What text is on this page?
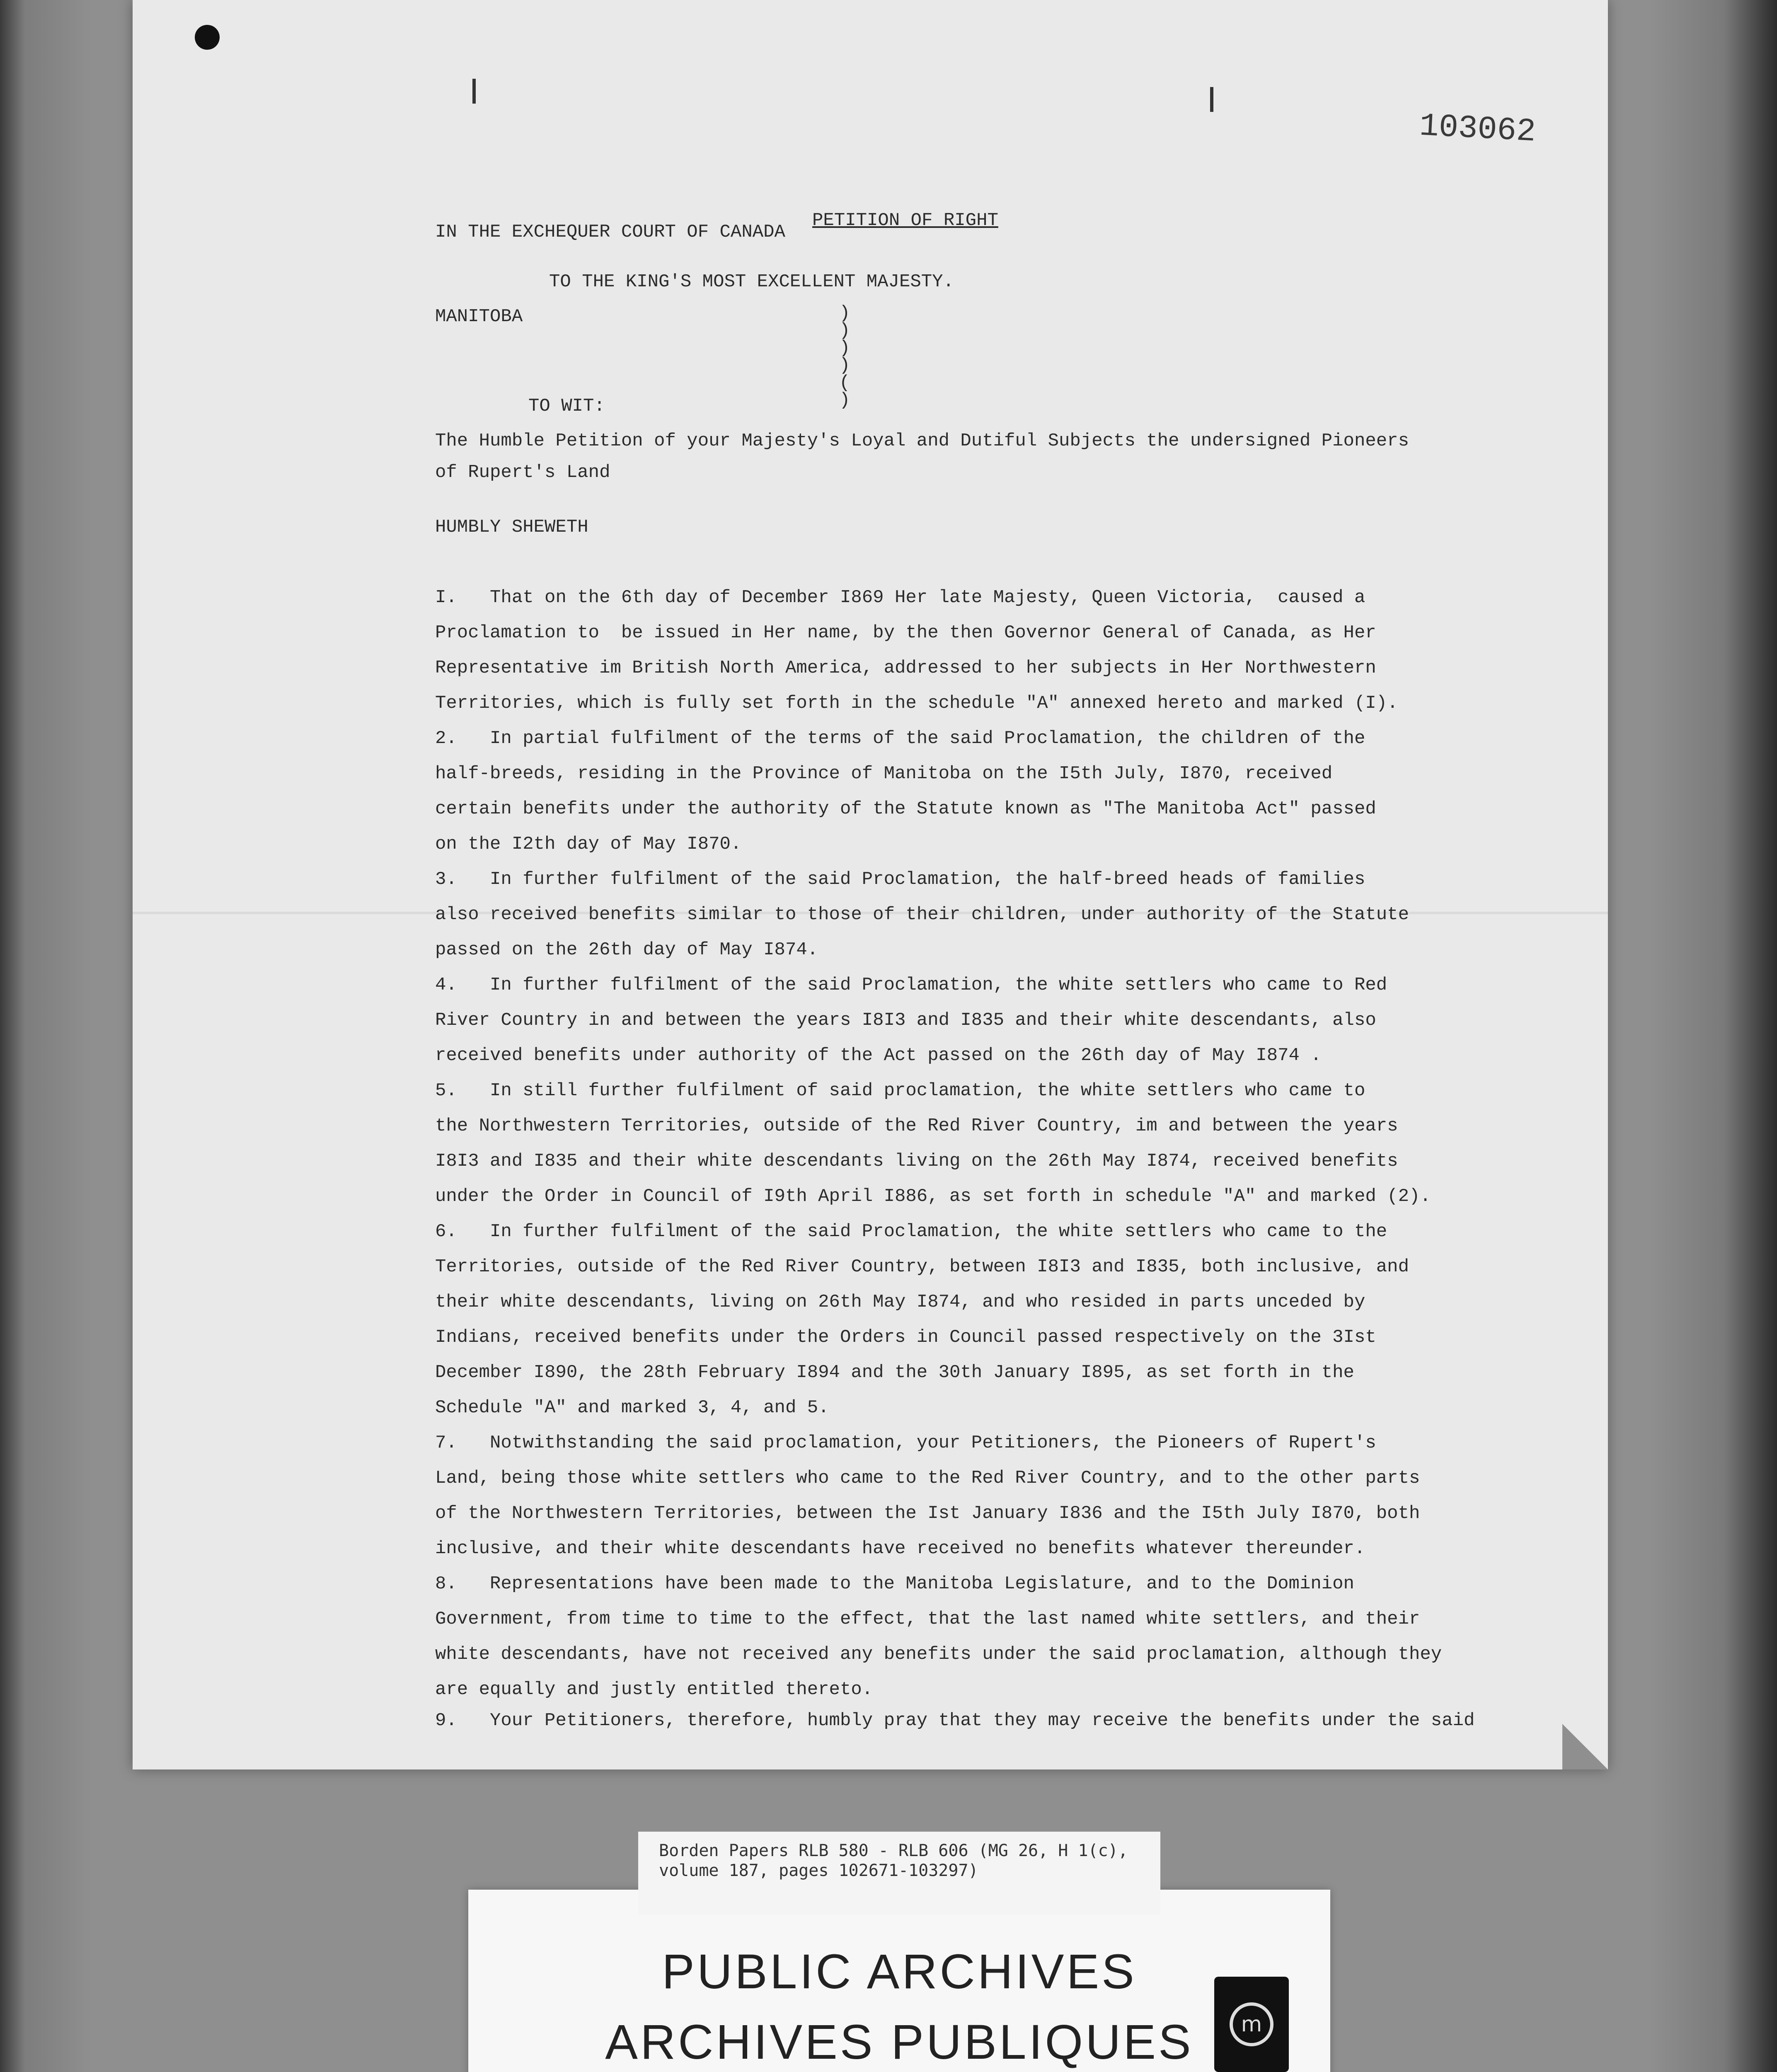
103062
IN THE EXCHEQUER COURT OF CANADA
PETITION OF RIGHT
TO THE KING'S MOST EXCELLENT MAJESTY.
MANITOBA	)
)
)
)
(
)
TO WIT:
The Humble Petition of your Majesty's Loyal and Dutiful Subjects the undersigned Pioneers
of Rupert's Land
HUMBLY SHEWETH
I.   That on the 6th day of December I869 Her late Majesty, Queen Victoria,  caused a
Proclamation to  be issued in Her name, by the then Governor General of Canada, as Her
Representative im British North America, addressed to her subjects in Her Northwestern
Territories, which is fully set forth in the schedule "A" annexed hereto and marked (I).
2.   In partial fulfilment of the terms of the said Proclamation, the children of the
half-breeds, residing in the Province of Manitoba on the I5th July, I870, received
certain benefits under the authority of the Statute known as "The Manitoba Act" passed
on the I2th day of May I870.
3.   In further fulfilment of the said Proclamation, the half-breed heads of families
also received benefits similar to those of their children, under authority of the Statute
passed on the 26th day of May I874.
4.   In further fulfilment of the said Proclamation, the white settlers who came to Red
River Country in and between the years I8I3 and I835 and their white descendants, also
received benefits under authority of the Act passed on the 26th day of May I874 .
5.   In still further fulfilment of said proclamation, the white settlers who came to
the Northwestern Territories, outside of the Red River Country, im and between the years
I8I3 and I835 and their white descendants living on the 26th May I874, received benefits
under the Order in Council of I9th April I886, as set forth in schedule "A" and marked (2).
6.   In further fulfilment of the said Proclamation, the white settlers who came to the
Territories, outside of the Red River Country, between I8I3 and I835, both inclusive, and
their white descendants, living on 26th May I874, and who resided in parts unceded by
Indians, received benefits under the Orders in Council passed respectively on the 3Ist
December I890, the 28th February I894 and the 30th January I895, as set forth in the
Schedule "A" and marked 3, 4, and 5.
7.   Notwithstanding the said proclamation, your Petitioners, the Pioneers of Rupert's
Land, being those white settlers who came to the Red River Country, and to the other parts
of the Northwestern Territories, between the Ist January I836 and the I5th July I870, both
inclusive, and their white descendants have received no benefits whatever thereunder.
8.   Representations have been made to the Manitoba Legislature, and to the Dominion
Government, from time to time to the effect, that the last named white settlers, and their
white descendants, have not received any benefits under the said proclamation, although they
are equally and justly entitled thereto.
9.   Your Petitioners, therefore, humbly pray that they may receive the benefits under the said
PUBLIC ARCHIVES
ARCHIVES PUBLIQUES	m
Borden Papers RLB 580 - RLB 606 (MG 26, H 1(c),
volume 187, pages 102671-103297)
